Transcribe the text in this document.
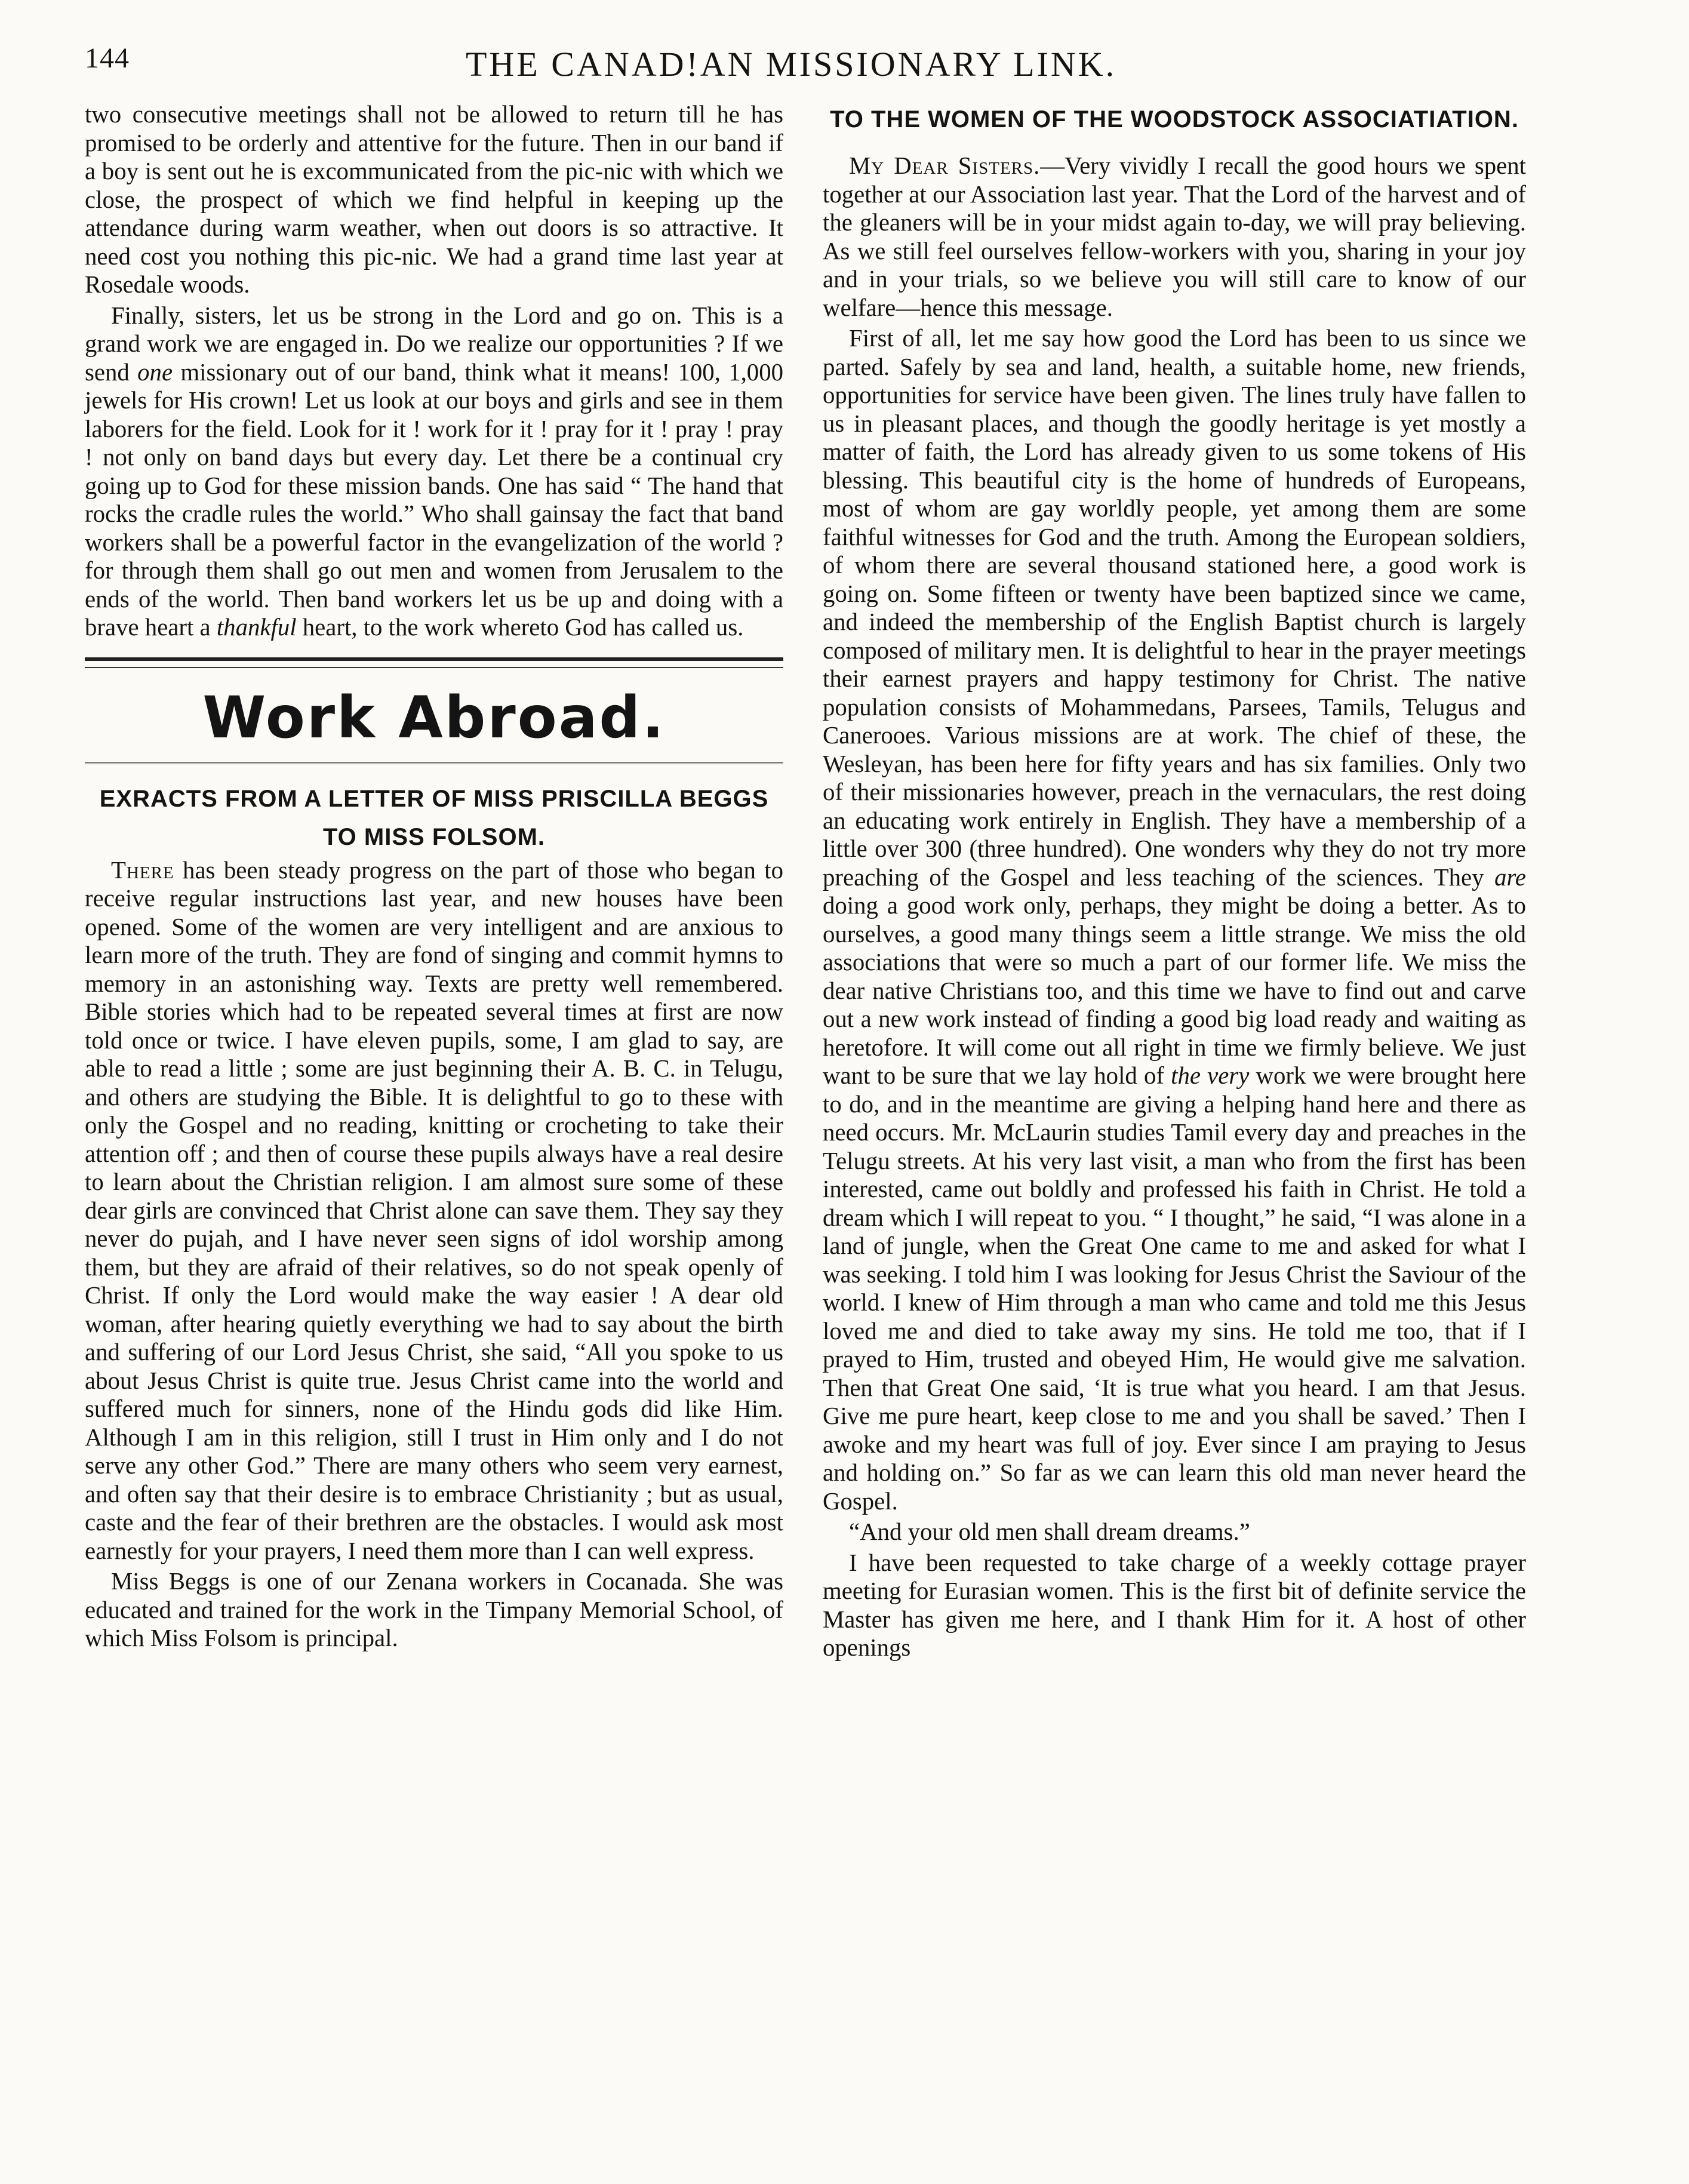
144	THE CANAD!AN MISSIONARY LINK.

two consecutive meetings shall not be allowed to return till he has promised to be orderly and attentive for the future. Then in our band if a boy is sent out he is excommunicated from the pic-nic with which we close, the prospect of which we find helpful in keeping up the attendance during warm weather, when out doors is so attractive. It need cost you nothing this pic-nic. We had a grand time last year at Rosedale woods.

Finally, sisters, let us be strong in the Lord and go on. This is a grand work we are engaged in. Do we realize our opportunities ? If we send one missionary out of our band, think what it means! 100, 1,000 jewels for His crown! Let us look at our boys and girls and see in them laborers for the field. Look for it ! work for it ! pray for it ! pray ! pray ! not only on band days but every day. Let there be a continual cry going up to God for these mission bands. One has said “ The hand that rocks the cradle rules the world.” Who shall gainsay the fact that band workers shall be a powerful factor in the evangelization of the world ? for through them shall go out men and women from Jerusalem to the ends of the world. Then band workers let us be up and doing with a brave heart a thankful heart, to the work whereto God has called us.

Work Abroad.
EXRACTS FROM A LETTER OF MISS PRISCILLA BEGGS TO MISS FOLSOM.

There has been steady progress on the part of those who began to receive regular instructions last year, and new houses have been opened. Some of the women are very intelligent and are anxious to learn more of the truth. They are fond of singing and commit hymns to memory in an astonishing way. Texts are pretty well remembered. Bible stories which had to be repeated several times at first are now told once or twice. I have eleven pupils, some, I am glad to say, are able to read a little ; some are just beginning their A. B. C. in Telugu, and others are studying the Bible. It is delightful to go to these with only the Gospel and no reading, knitting or crocheting to take their attention off ; and then of course these pupils always have a real desire to learn about the Christian religion. I am almost sure some of these dear girls are convinced that Christ alone can save them. They say they never do pujah, and I have never seen signs of idol worship among them, but they are afraid of their relatives, so do not speak openly of Christ. If only the Lord would make the way easier ! A dear old woman, after hearing quietly everything we had to say about the birth and suffering of our Lord Jesus Christ, she said, “All you spoke to us about Jesus Christ is quite true. Jesus Christ came into the world and suffered much for sinners, none of the Hindu gods did like Him. Although I am in this religion, still I trust in Him only and I do not serve any other God.” There are many others who seem very earnest, and often say that their desire is to embrace Christianity ; but as usual, caste and the fear of their brethren are the obstacles. I would ask most earnestly for your prayers, I need them more than I can well express.

Miss Beggs is one of our Zenana workers in Cocanada. She was educated and trained for the work in the Timpany Memorial School, of which Miss Folsom is principal.

TO THE WOMEN OF THE WOODSTOCK ASSOCIATIATION.

My Dear Sisters.—Very vividly I recall the good hours we spent together at our Association last year. That the Lord of the harvest and of the gleaners will be in your midst again to-day, we will pray believing. As we still feel ourselves fellow-workers with you, sharing in your joy and in your trials, so we believe you will still care to know of our welfare—hence this message.

First of all, let me say how good the Lord has been to us since we parted. Safely by sea and land, health, a suitable home, new friends, opportunities for service have been given. The lines truly have fallen to us in pleasant places, and though the goodly heritage is yet mostly a matter of faith, the Lord has already given to us some tokens of His blessing. This beautiful city is the home of hundreds of Europeans, most of whom are gay worldly people, yet among them are some faithful witnesses for God and the truth. Among the European soldiers, of whom there are several thousand stationed here, a good work is going on. Some fifteen or twenty have been baptized since we came, and indeed the membership of the English Baptist church is largely composed of military men. It is delightful to hear in the prayer meetings their earnest prayers and happy testimony for Christ. The native population consists of Mohammedans, Parsees, Tamils, Telugus and Canerooes. Various missions are at work. The chief of these, the Wesleyan, has been here for fifty years and has six families. Only two of their missionaries however, preach in the vernaculars, the rest doing an educating work entirely in English. They have a membership of a little over 300 (three hundred). One wonders why they do not try more preaching of the Gospel and less teaching of the sciences. They are doing a good work only, perhaps, they might be doing a better. As to ourselves, a good many things seem a little strange. We miss the old associations that were so much a part of our former life. We miss the dear native Christians too, and this time we have to find out and carve out a new work instead of finding a good big load ready and waiting as heretofore. It will come out all right in time we firmly believe. We just want to be sure that we lay hold of the very work we were brought here to do, and in the meantime are giving a helping hand here and there as need occurs. Mr. McLaurin studies Tamil every day and preaches in the Telugu streets. At his very last visit, a man who from the first has been interested, came out boldly and professed his faith in Christ. He told a dream which I will repeat to you. “ I thought,” he said, “I was alone in a land of jungle, when the Great One came to me and asked for what I was seeking. I told him I was looking for Jesus Christ the Saviour of the world. I knew of Him through a man who came and told me this Jesus loved me and died to take away my sins. He told me too, that if I prayed to Him, trusted and obeyed Him, He would give me salvation. Then that Great One said, ‘It is true what you heard. I am that Jesus. Give me pure heart, keep close to me and you shall be saved.’ Then I awoke and my heart was full of joy. Ever since I am praying to Jesus and holding on.” So far as we can learn this old man never heard the Gospel.

“And your old men shall dream dreams.”

I have been requested to take charge of a weekly cottage prayer meeting for Eurasian women. This is the first bit of definite service the Master has given me here, and I thank Him for it. A host of other openings
